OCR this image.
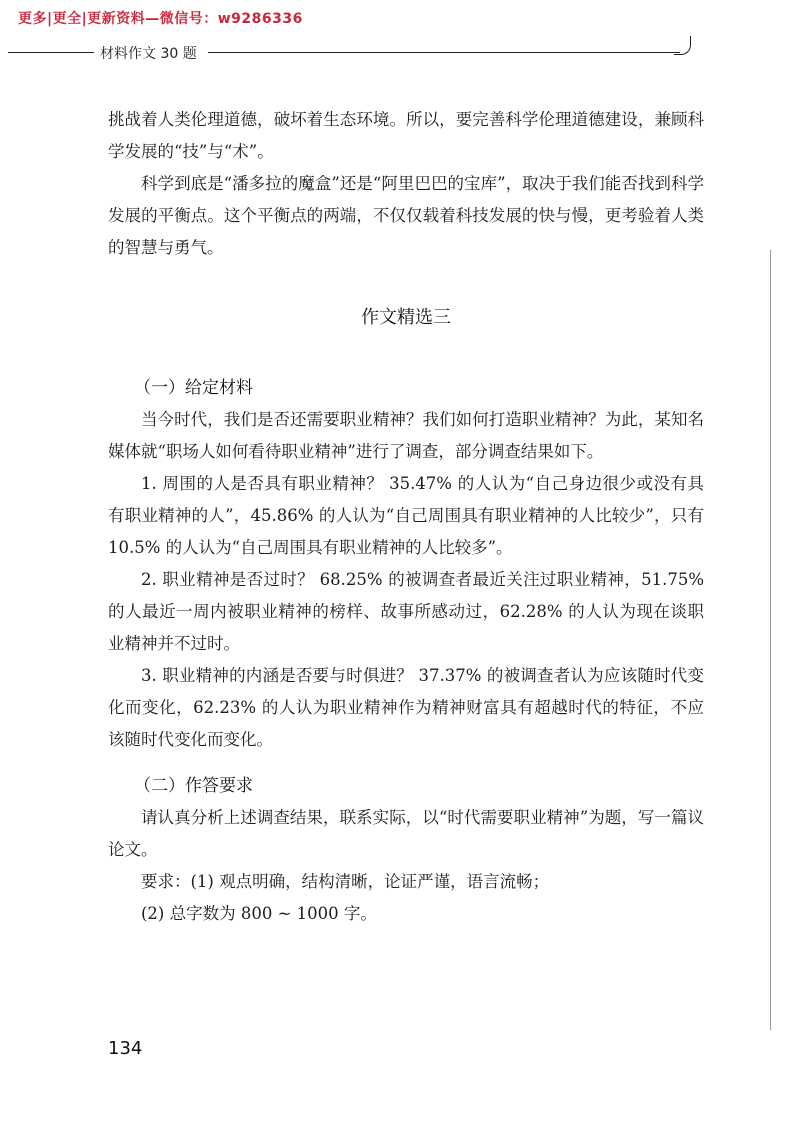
更多|更全|更新资料—微信号：w9286336
材料作文 30 题

挑战着人类伦理道德，破坏着生态环境。所以，要完善科学伦理道德建设，兼顾科学发展的“技”与“术”。

科学到底是“潘多拉的魔盒”还是“阿里巴巴的宝库”，取决于我们能否找到科学发展的平衡点。这个平衡点的两端，不仅仅载着科技发展的快与慢，更考验着人类的智慧与勇气。

作文精选三

（一）给定材料

当今时代，我们是否还需要职业精神？我们如何打造职业精神？为此，某知名媒体就“职场人如何看待职业精神”进行了调查，部分调查结果如下。

1. 周围的人是否具有职业精神？ 35.47% 的人认为“自己身边很少或没有具有职业精神的人”，45.86% 的人认为“自己周围具有职业精神的人比较少”，只有 10.5% 的人认为“自己周围具有职业精神的人比较多”。

2. 职业精神是否过时？ 68.25% 的被调查者最近关注过职业精神，51.75% 的人最近一周内被职业精神的榜样、故事所感动过，62.28% 的人认为现在谈职业精神并不过时。

3. 职业精神的内涵是否要与时俱进？ 37.37% 的被调查者认为应该随时代变化而变化，62.23% 的人认为职业精神作为精神财富具有超越时代的特征，不应该随时代变化而变化。

（二）作答要求

请认真分析上述调查结果，联系实际，以“时代需要职业精神”为题，写一篇议论文。

要求：(1) 观点明确，结构清晰，论证严谨，语言流畅；

(2) 总字数为 800 ~ 1000 字。

134
